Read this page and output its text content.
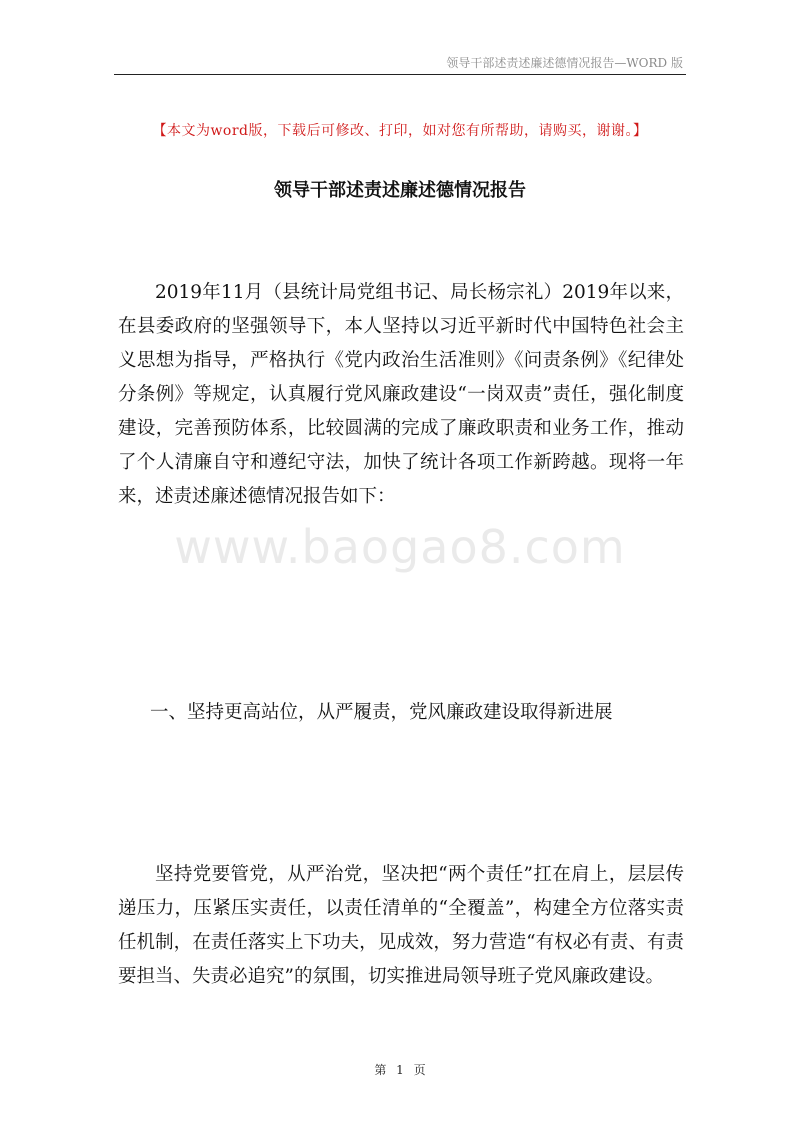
领导干部述责述廉述德情况报告—WORD 版
【本文为word版，下载后可修改、打印，如对您有所帮助，请购买，谢谢。】
领导干部述责述廉述德情况报告

2019年11月（县统计局党组书记、局长杨宗礼）2019年以来，在县委政府的坚强领导下，本人坚持以习近平新时代中国特色社会主义思想为指导，严格执行《党内政治生活准则》《问责条例》《纪律处分条例》等规定，认真履行党风廉政建设“一岗双责”责任，强化制度建设，完善预防体系，比较圆满的完成了廉政职责和业务工作，推动了个人清廉自守和遵纪守法，加快了统计各项工作新跨越。现将一年来，述责述廉述德情况报告如下：

www.baogao8.com
一、坚持更高站位，从严履责，党风廉政建设取得新进展

坚持党要管党，从严治党，坚决把“两个责任”扛在肩上，层层传递压力，压紧压实责任，以责任清单的“全覆盖”，构建全方位落实责任机制，在责任落实上下功夫，见成效，努力营造“有权必有责、有责要担当、失责必追究”的氛围，切实推进局领导班子党风廉政建设。

第 1 页
